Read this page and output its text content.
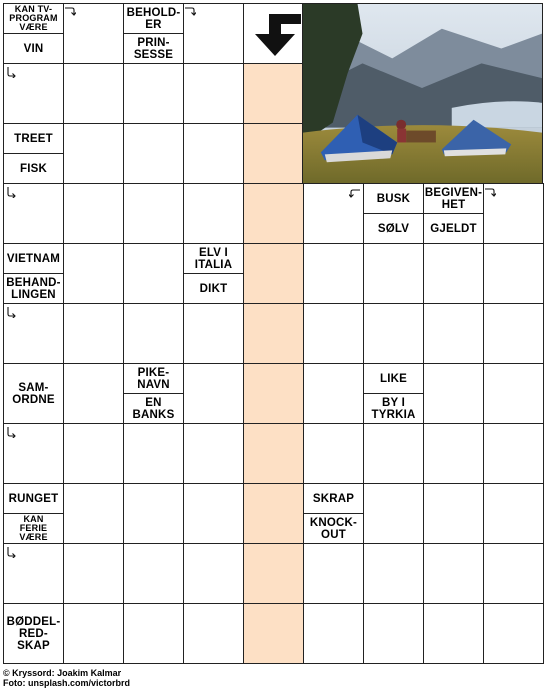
KAN TV-
PROGRAM
VÆRE
VIN
BEHOLD-
ER
PRIN-
SESSE
TREET
FISK
BUSK
SØLV
BEGIVEN-
HET
GJELDT
VIETNAM
BEHAND-
LINGEN
ELV I
ITALIA
DIKT
SAM-
ORDNE
PIKE-
NAVN
EN
BANKS
LIKE
BY I
TYRKIA
RUNGET
KAN
FERIE
VÆRE
SKRAP
KNOCK-
OUT
BØDDEL-
RED-
SKAP
© Kryssord: Joakim Kalmar
Foto: unsplash.com/victorbrd
